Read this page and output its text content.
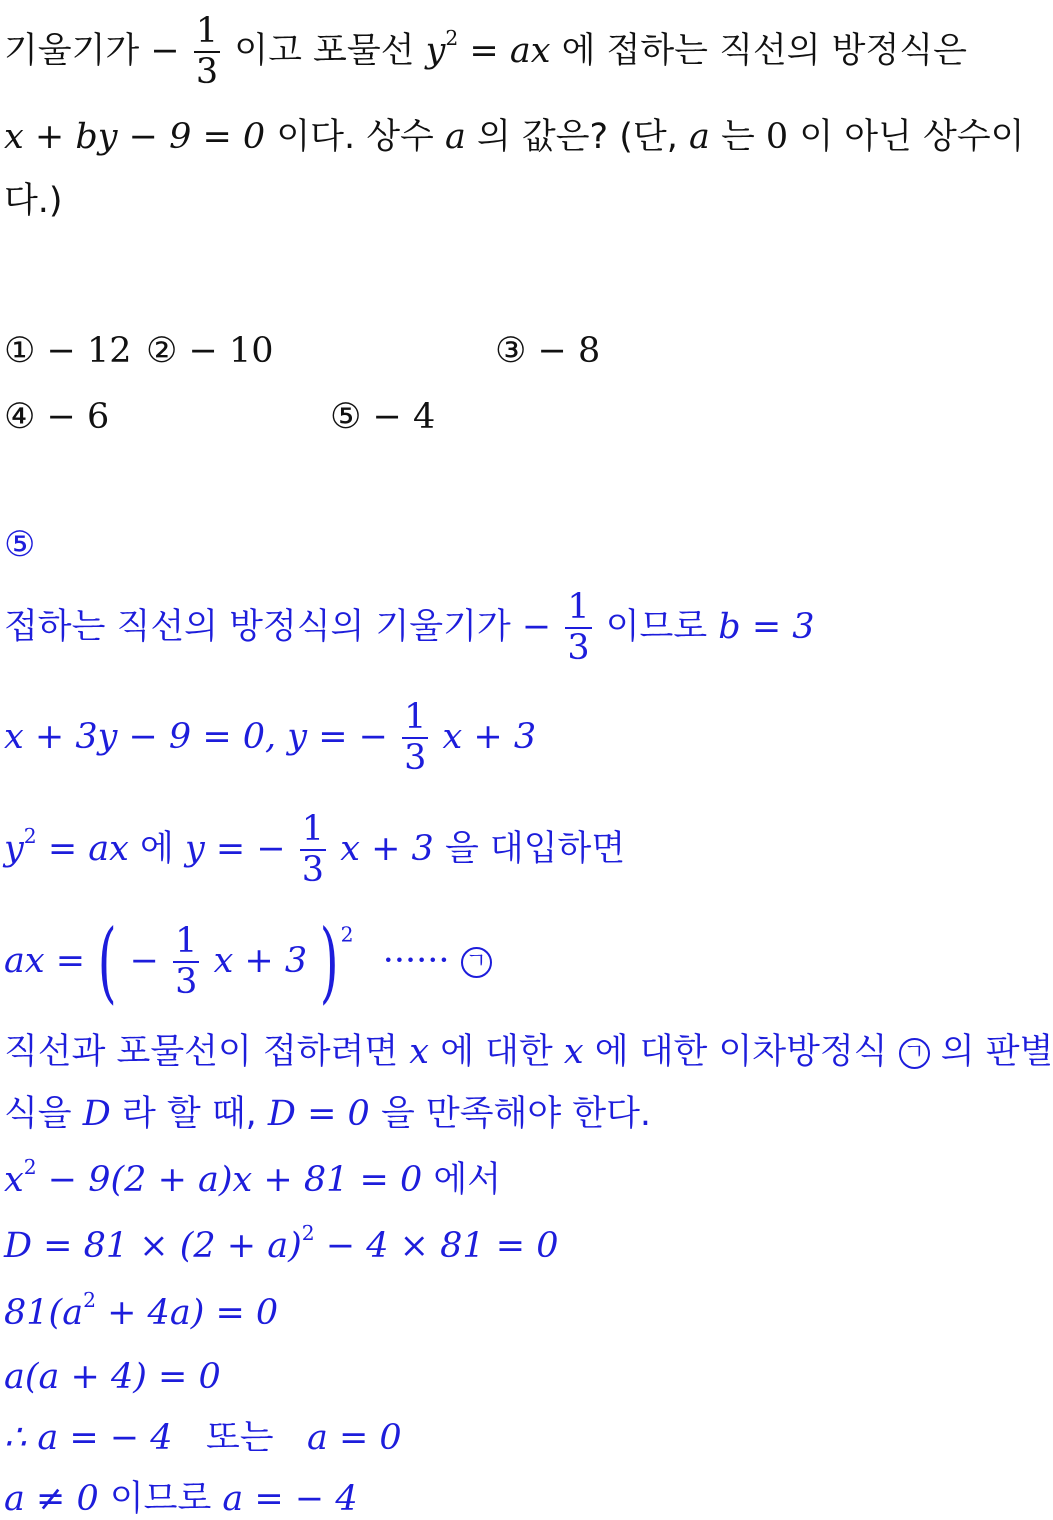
기울기가 − $\frac{1}{3}$ 이고 포물선 $y^2$ = ax 에 접하는 직선의 방정식은
x + by − 9 = 0 이다. 상수 a 의 값은? (단, a 는 0 이 아닌 상수이
다.)
① − 12 ② − 10	③ − 8
④ − 6	⑤ − 4
⑤
접하는 직선의 방정식의 기울기가 − $\frac{1}{3}$ 이므로 b = 3
x + 3y − 9 = 0, y = − $\frac{1}{3}$ x + 3
$y^2$ = ax 에 y = − $\frac{1}{3}$ x + 3 을 대입하면
ax = ( − $\frac{1}{3}$ x + 3 )$^2$ ······ ㄱ
직선과 포물선이 접하려면 x 에 대한 x 에 대한 이차방정식 ㄱ 의 판별
식을 D 라 할 때, D = 0 을 만족해야 한다.
$x^2 - 9(2 + a)x + 81 = 0$ 에서
$D = 81 \times (2 + a)^2 - 4 \times 81 = 0$
$81(a^2 + 4a) = 0$
a(a + 4) = 0
∴ a = − 4   또는   a = 0
a ≠ 0 이므로 a = − 4
